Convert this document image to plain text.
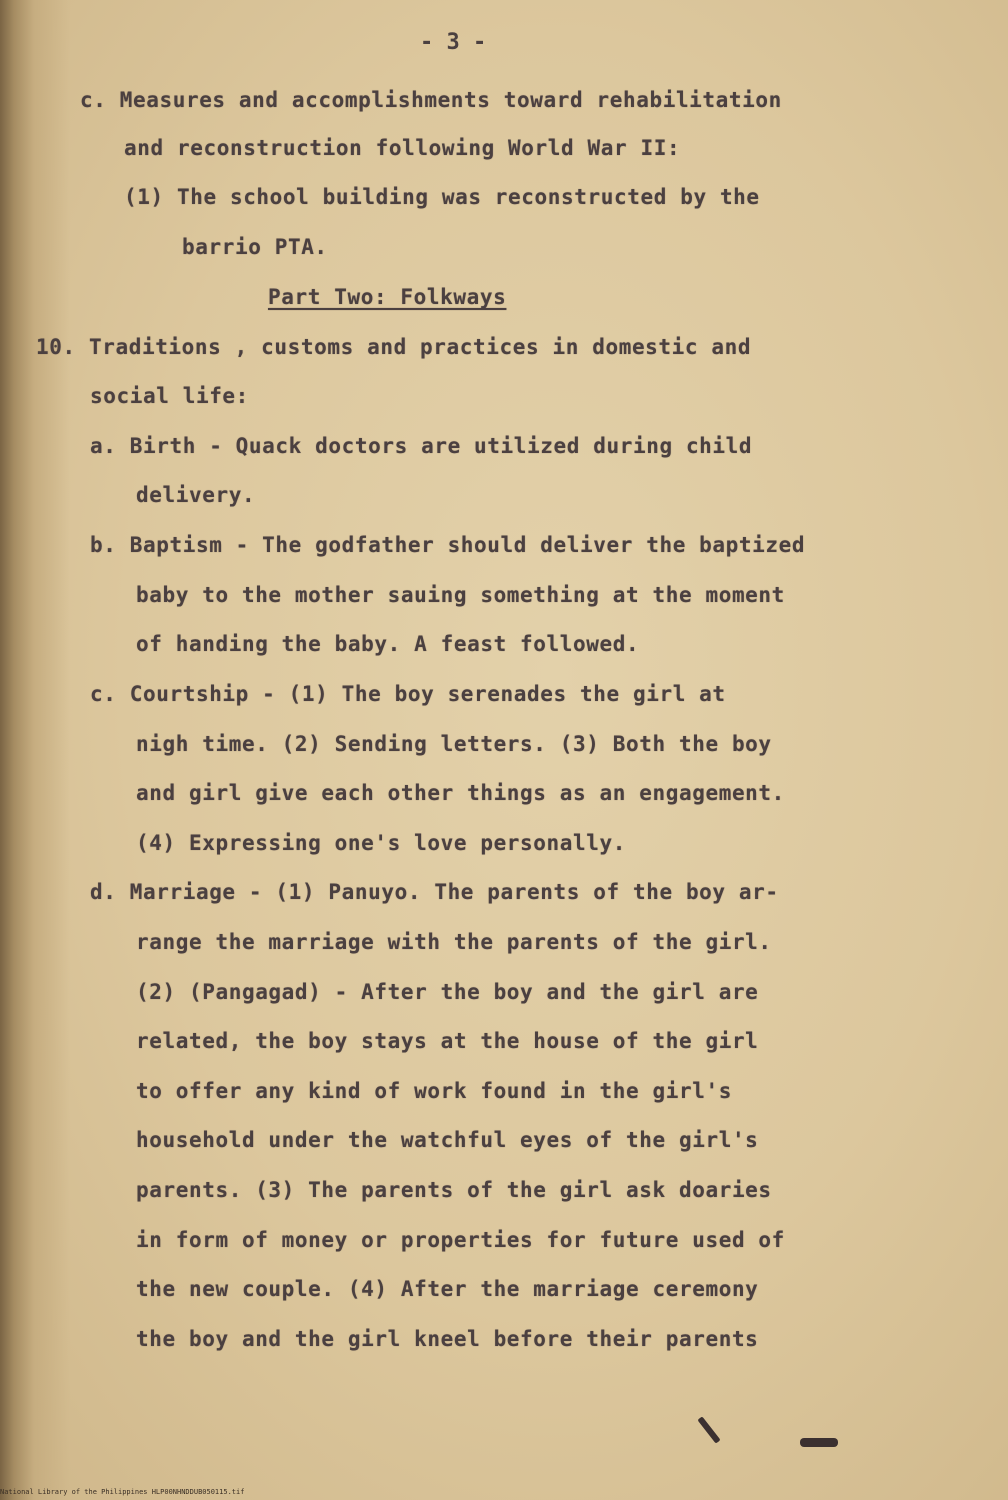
- 3 -
c. Measures and accomplishments toward rehabilitation
and reconstruction following World War II:
(1) The school building was reconstructed by the
barrio PTA.
Part Two: Folkways
10. Traditions , customs and practices in domestic and
social life:
a. Birth - Quack doctors are utilized during child
delivery.
b. Baptism - The godfather should deliver the baptized
baby to the mother sauing something at the moment
of handing the baby. A feast followed.
c. Courtship - (1) The boy serenades the girl at
nigh time. (2) Sending letters. (3) Both the boy
and girl give each other things as an engagement.
(4) Expressing one's love personally.
d. Marriage - (1) Panuyo. The parents of the boy ar-
range the marriage with the parents of the girl.
(2) (Pangagad) - After the boy and the girl are
related, the boy stays at the house of the girl
to offer any kind of work found in the girl's
household under the watchful eyes of the girl's
parents. (3) The parents of the girl ask doaries
in form of money or properties for future used of
the new couple. (4) After the marriage ceremony
the boy and the girl kneel before their parents
National Library of the Philippines HLP00NHNDDUB050115.tif
